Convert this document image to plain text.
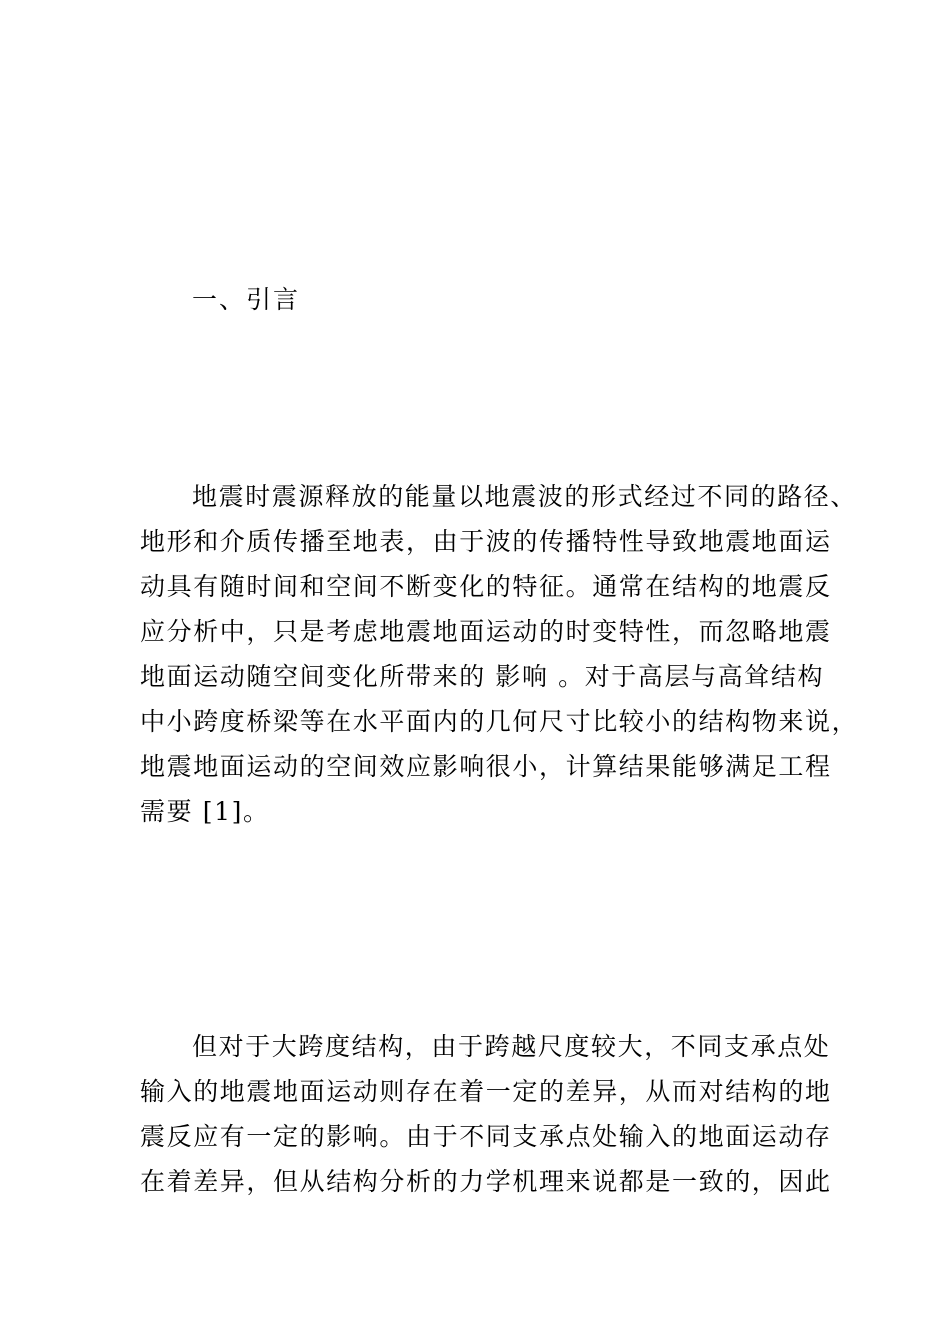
一、引言
地震时震源释放的能量以地震波的形式经过不同的路径、
地形和介质传播至地表，由于波的传播特性导致地震地面运
动具有随时间和空间不断变化的特征。通常在结构的地震反
应分析中，只是考虑地震地面运动的时变特性，而忽略地震
地面运动随空间变化所带来的 影响 。对于高层与高耸结构
中小跨度桥梁等在水平面内的几何尺寸比较小的结构物来说，
地震地面运动的空间效应影响很小，计算结果能够满足工程
需要 [1]。
但对于大跨度结构，由于跨越尺度较大，不同支承点处
输入的地震地面运动则存在着一定的差异，从而对结构的地
震反应有一定的影响。由于不同支承点处输入的地面运动存
在着差异，但从结构分析的力学机理来说都是一致的，因此
